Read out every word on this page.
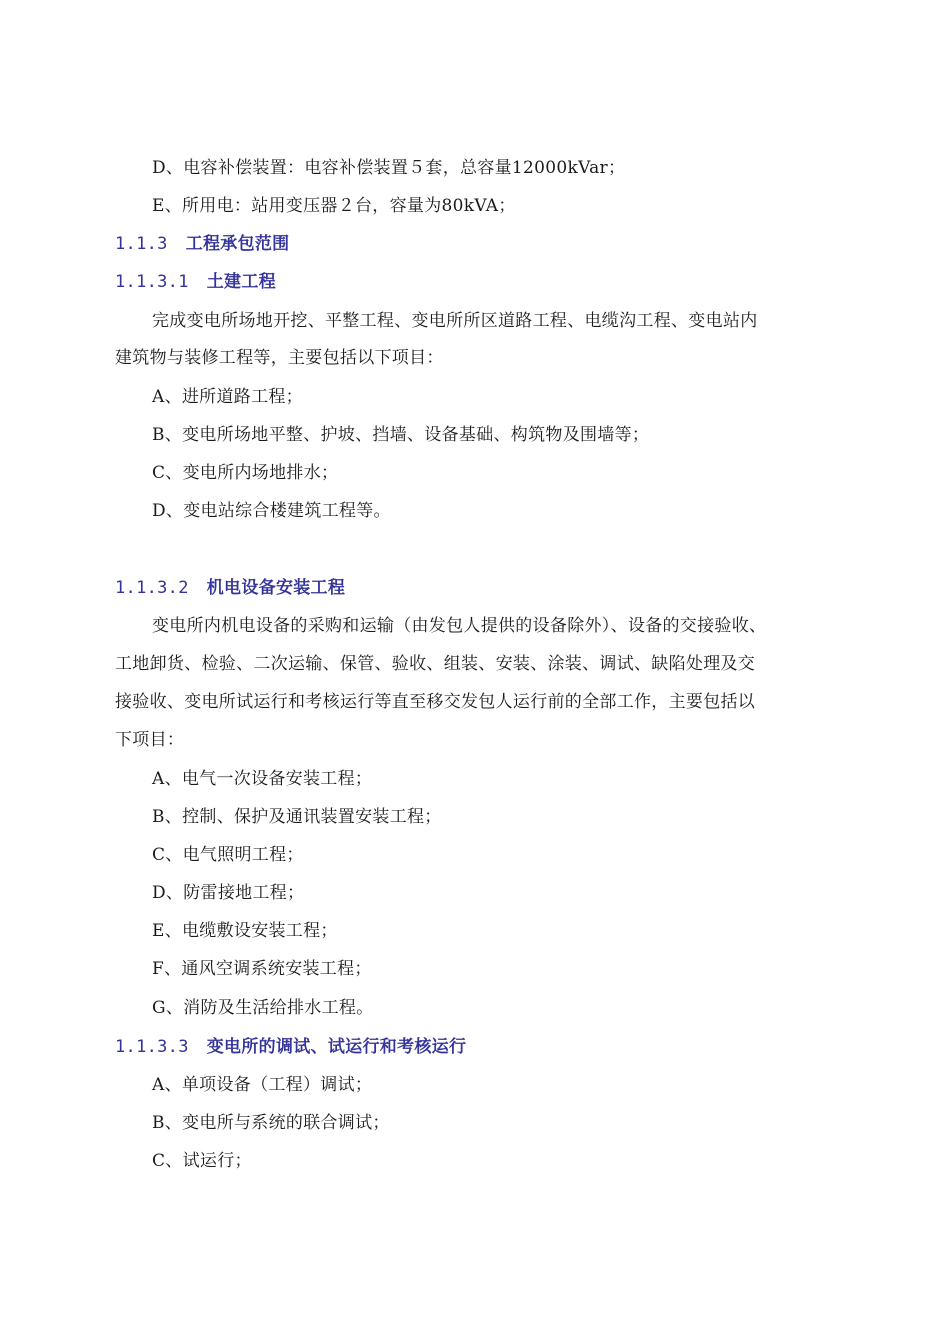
D、电容补偿装置：电容补偿装置５套，总容量12000kVar；
E、所用电：站用变压器２台，容量为80kVA；
1.1.3 工程承包范围
1.1.3.1 土建工程
完成变电所场地开挖、平整工程、变电所所区道路工程、电缆沟工程、变电站内
建筑物与装修工程等，主要包括以下项目：
A、进所道路工程；
B、变电所场地平整、护坡、挡墙、设备基础、构筑物及围墙等；
C、变电所内场地排水；
D、变电站综合楼建筑工程等。
1.1.3.2 机电设备安装工程
变电所内机电设备的采购和运输（由发包人提供的设备除外）、设备的交接验收、
工地卸货、检验、二次运输、保管、验收、组装、安装、涂装、调试、缺陷处理及交
接验收、变电所试运行和考核运行等直至移交发包人运行前的全部工作，主要包括以
下项目：
A、电气一次设备安装工程；
B、控制、保护及通讯装置安装工程；
C、电气照明工程；
D、防雷接地工程；
E、电缆敷设安装工程；
F、通风空调系统安装工程；
G、消防及生活给排水工程。
1.1.3.3 变电所的调试、试运行和考核运行
A、单项设备（工程）调试；
B、变电所与系统的联合调试；
C、试运行；
